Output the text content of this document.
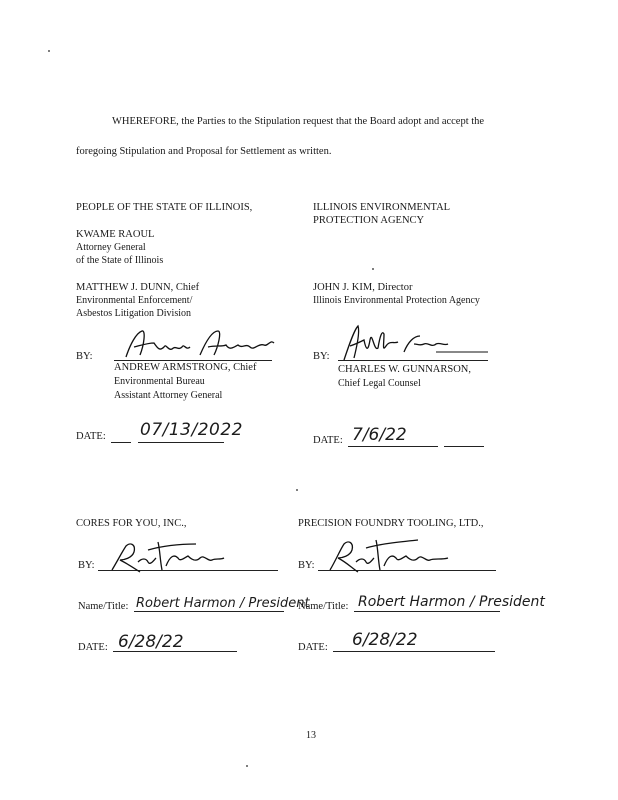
WHEREFORE, the Parties to the Stipulation request that the Board adopt and accept the
foregoing Stipulation and Proposal for Settlement as written.
PEOPLE OF THE STATE OF ILLINOIS,
KWAME RAOUL
Attorney General
of the State of Illinois
MATTHEW J. DUNN, Chief
Environmental Enforcement/
Asbestos Litigation Division
BY:
ANDREW ARMSTRONG, Chief
Environmental Bureau
Assistant Attorney General
DATE: 07/13/2022
ILLINOIS ENVIRONMENTAL
PROTECTION AGENCY
JOHN J. KIM, Director
Illinois Environmental Protection Agency
BY:
CHARLES W. GUNNARSON,
Chief Legal Counsel
DATE: 7/6/22
CORES FOR YOU, INC.,
BY:
Name/Title: Robert Harmon / President
DATE: 6/28/22
PRECISION FOUNDRY TOOLING, LTD.,
BY:
Name/Title: Robert Harmon / President
DATE: 6/28/22
13
